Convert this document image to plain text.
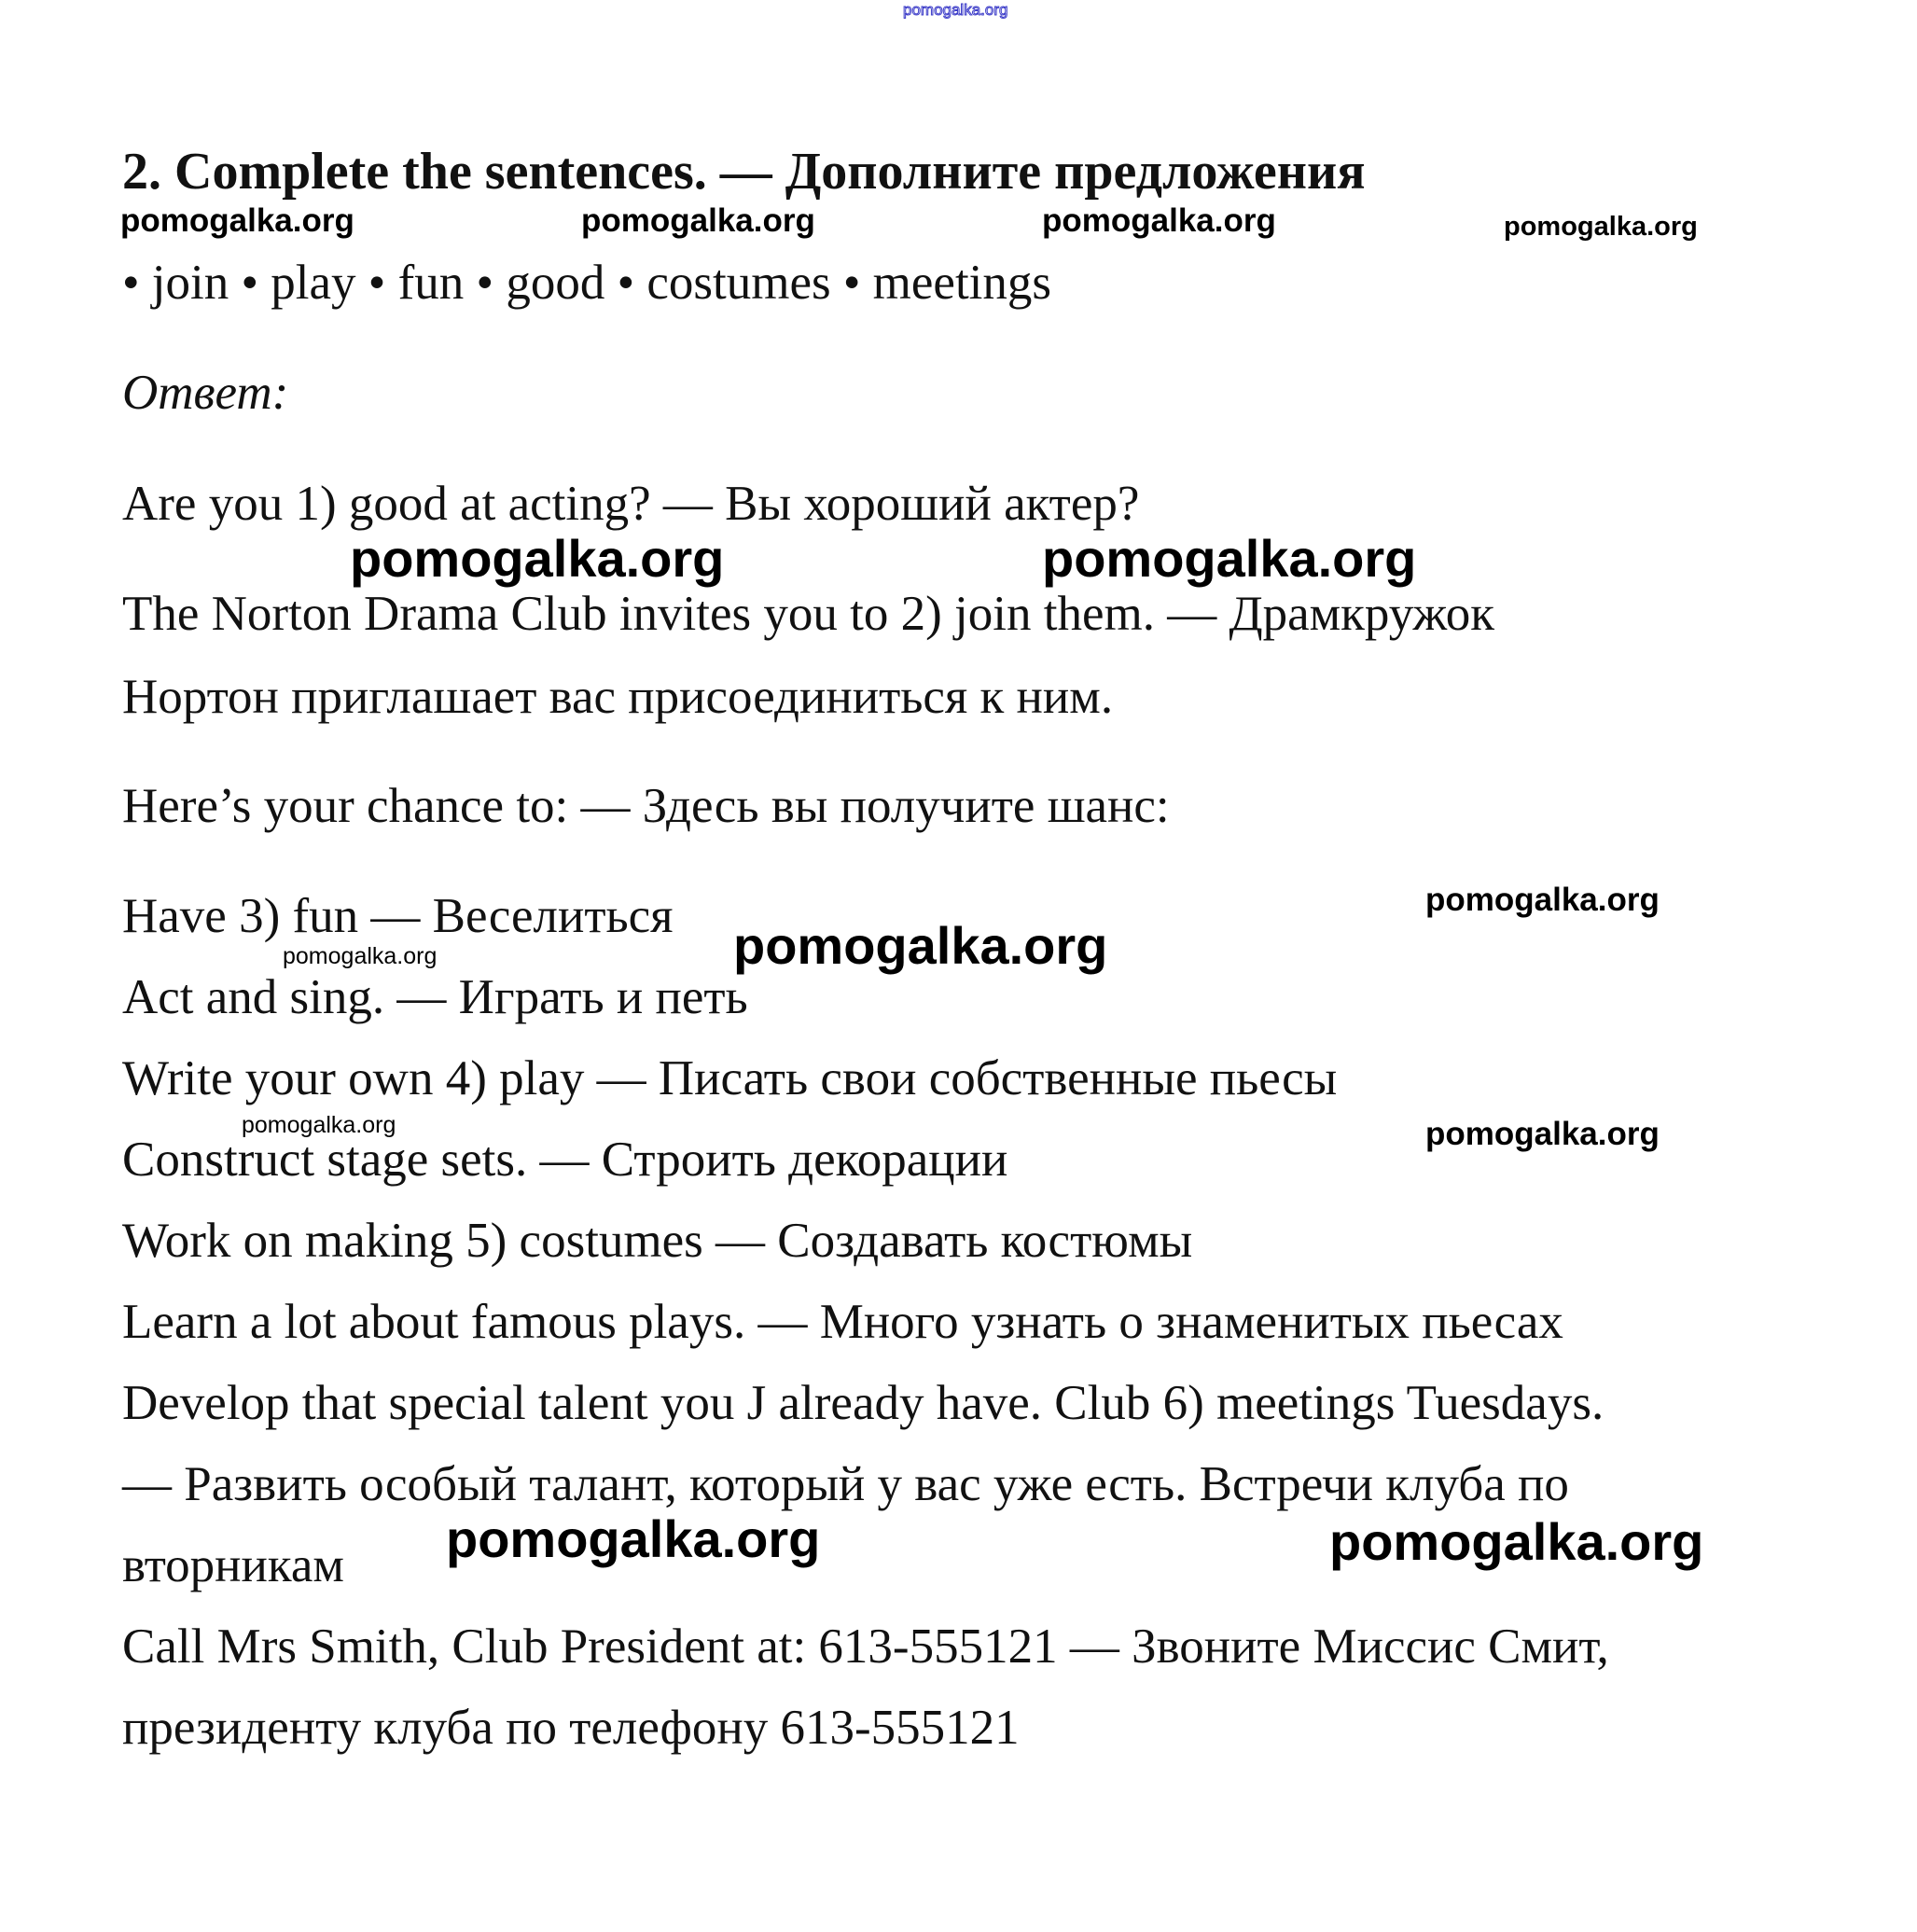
pomogalka.org
2. Complete the sentences. — Дополните предложения
• join • play • fun • good • costumes • meetings
Ответ:
Are you 1) good at acting? — Вы хороший актер?
The Norton Drama Club invites you to 2) join them. — Драмкружок
Нортон приглашает вас присоединиться к ним.
Here’s your chance to: — Здесь вы получите шанс:
Have 3) fun — Веселиться
Act and sing. — Играть и петь
Write your own 4) play — Писать свои собственные пьесы
Construct stage sets. — Строить декорации
Work on making 5) costumes — Создавать костюмы
Learn a lot about famous plays. — Много узнать о знаменитых пьесах
Develop that special talent you J already have. Club 6) meetings Tuesdays.
— Развить особый талант, который у вас уже есть. Встречи клуба по
вторникам
Call Mrs Smith, Club President at: 613-555121 — Звоните Миссис Смит,
президенту клуба по телефону 613-555121
pomogalka.org	pomogalka.org	pomogalka.org	pomogalka.org
pomogalka.org	pomogalka.org
pomogalka.org
pomogalka.org	pomogalka.org
pomogalka.org
pomogalka.org
pomogalka.org
pomogalka.org
